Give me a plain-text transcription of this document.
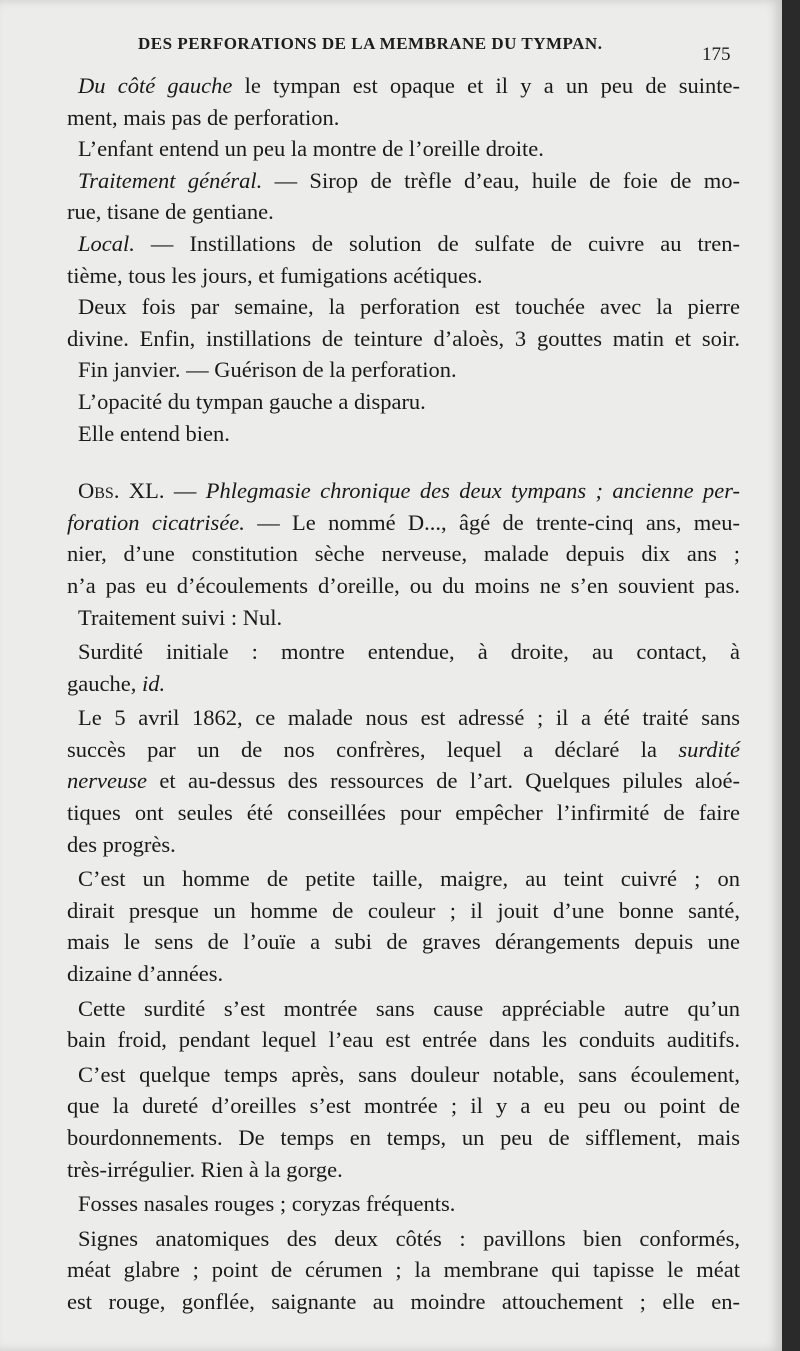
DES PERFORATIONS DE LA MEMBRANE DU TYMPAN.
175
Du côté gauche le tympan est opaque et il y a un peu de suinte-
ment, mais pas de perforation.
L’enfant entend un peu la montre de l’oreille droite.
Traitement général. — Sirop de trèfle d’eau, huile de foie de mo-
rue, tisane de gentiane.
Local. — Instillations de solution de sulfate de cuivre au tren-
tième, tous les jours, et fumigations acétiques.
Deux fois par semaine, la perforation est touchée avec la pierre
divine. Enfin, instillations de teinture d’aloès, 3 gouttes matin et soir.
Fin janvier. — Guérison de la perforation.
L’opacité du tympan gauche a disparu.
Elle entend bien.
Obs. XL. — Phlegmasie chronique des deux tympans ; ancienne per-
foration cicatrisée. — Le nommé D..., âgé de trente-cinq ans, meu-
nier, d’une constitution sèche nerveuse, malade depuis dix ans ;
n’a pas eu d’écoulements d’oreille, ou du moins ne s’en souvient pas.
Traitement suivi : Nul.
Surdité initiale : montre entendue, à droite, au contact, à
gauche, id.
Le 5 avril 1862, ce malade nous est adressé ; il a été traité sans
succès par un de nos confrères, lequel a déclaré la surdité
nerveuse et au-dessus des ressources de l’art. Quelques pilules aloé-
tiques ont seules été conseillées pour empêcher l’infirmité de faire
des progrès.
C’est un homme de petite taille, maigre, au teint cuivré ; on
dirait presque un homme de couleur ; il jouit d’une bonne santé,
mais le sens de l’ouïe a subi de graves dérangements depuis une
dizaine d’années.
Cette surdité s’est montrée sans cause appréciable autre qu’un
bain froid, pendant lequel l’eau est entrée dans les conduits auditifs.
C’est quelque temps après, sans douleur notable, sans écoulement,
que la dureté d’oreilles s’est montrée ; il y a eu peu ou point de
bourdonnements. De temps en temps, un peu de sifflement, mais
très-irrégulier. Rien à la gorge.
Fosses nasales rouges ; coryzas fréquents.
Signes anatomiques des deux côtés : pavillons bien conformés,
méat glabre ; point de cérumen ; la membrane qui tapisse le méat
est rouge, gonflée, saignante au moindre attouchement ; elle en-
